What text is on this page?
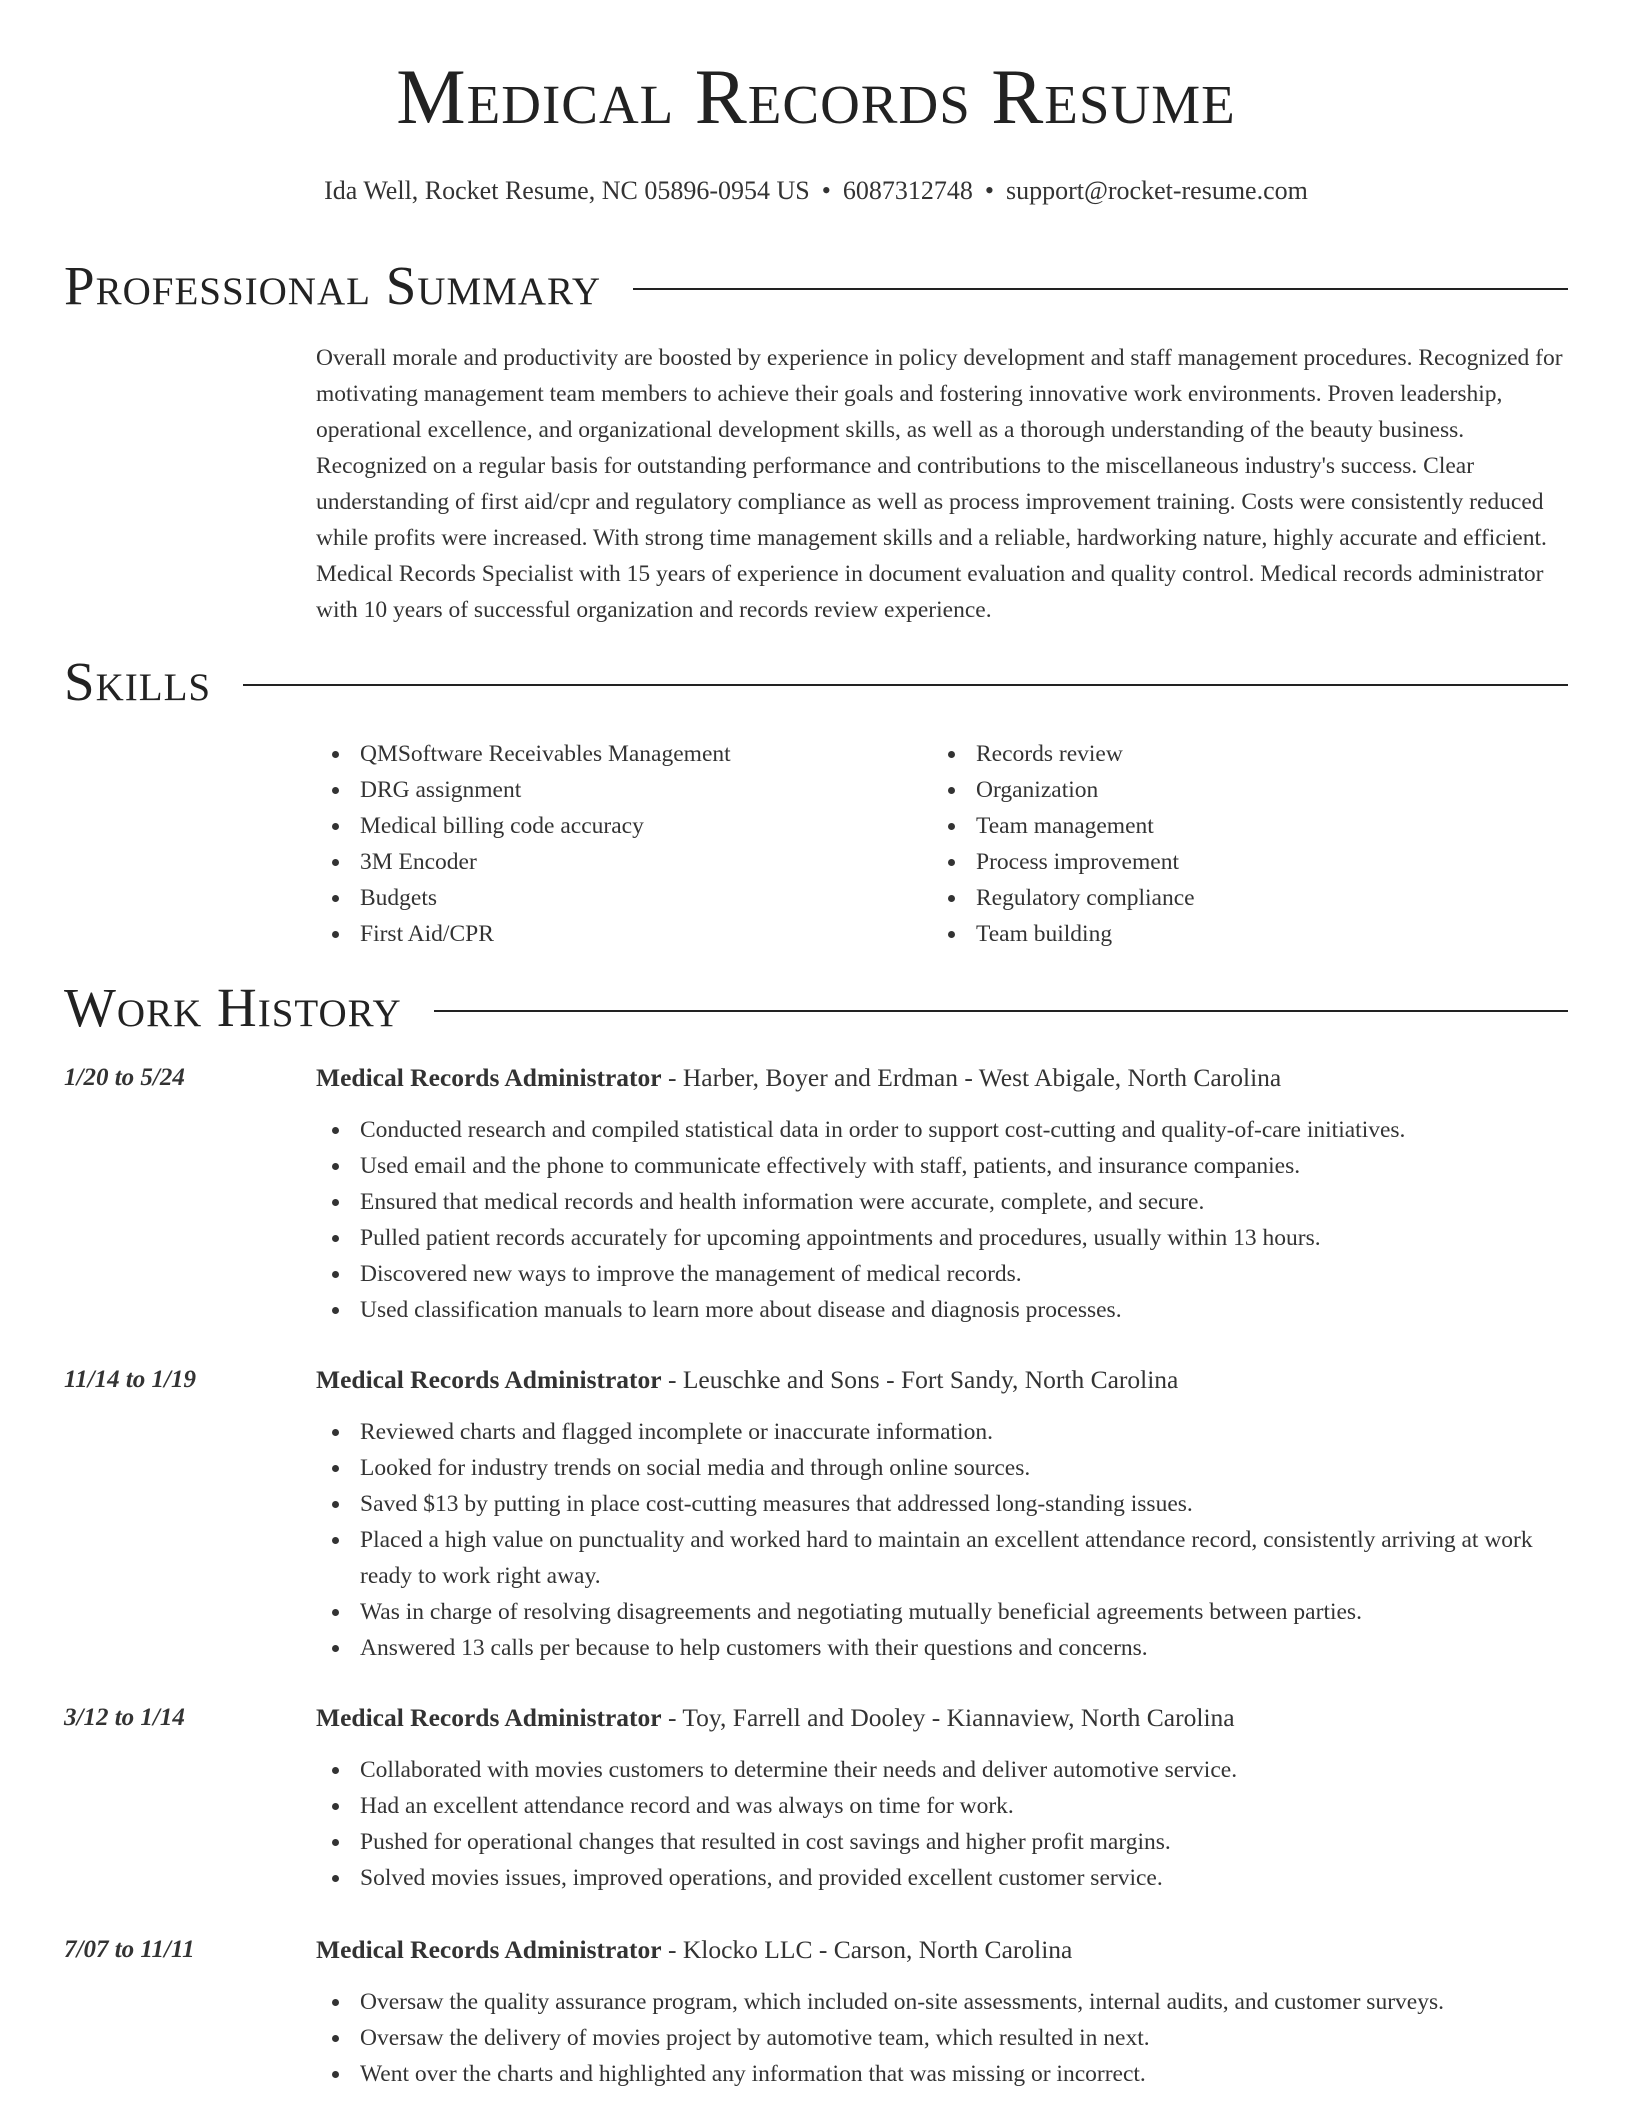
Medical Records Resume
Ida Well, Rocket Resume, NC 05896-0954 US • 6087312748 • support@rocket-resume.com
Professional Summary
Overall morale and productivity are boosted by experience in policy development and staff management procedures. Recognized for motivating management team members to achieve their goals and fostering innovative work environments. Proven leadership, operational excellence, and organizational development skills, as well as a thorough understanding of the beauty business. Recognized on a regular basis for outstanding performance and contributions to the miscellaneous industry's success. Clear understanding of first aid/cpr and regulatory compliance as well as process improvement training. Costs were consistently reduced while profits were increased. With strong time management skills and a reliable, hardworking nature, highly accurate and efficient. Medical Records Specialist with 15 years of experience in document evaluation and quality control. Medical records administrator with 10 years of successful organization and records review experience.
Skills
QMSoftware Receivables Management
DRG assignment
Medical billing code accuracy
3M Encoder
Budgets
First Aid/CPR
Records review
Organization
Team management
Process improvement
Regulatory compliance
Team building
Work History
1/20 to 5/24	Medical Records Administrator - Harber, Boyer and Erdman - West Abigale, North Carolina
Conducted research and compiled statistical data in order to support cost-cutting and quality-of-care initiatives.
Used email and the phone to communicate effectively with staff, patients, and insurance companies.
Ensured that medical records and health information were accurate, complete, and secure.
Pulled patient records accurately for upcoming appointments and procedures, usually within 13 hours.
Discovered new ways to improve the management of medical records.
Used classification manuals to learn more about disease and diagnosis processes.
11/14 to 1/19	Medical Records Administrator - Leuschke and Sons - Fort Sandy, North Carolina
Reviewed charts and flagged incomplete or inaccurate information.
Looked for industry trends on social media and through online sources.
Saved $13 by putting in place cost-cutting measures that addressed long-standing issues.
Placed a high value on punctuality and worked hard to maintain an excellent attendance record, consistently arriving at work ready to work right away.
Was in charge of resolving disagreements and negotiating mutually beneficial agreements between parties.
Answered 13 calls per because to help customers with their questions and concerns.
3/12 to 1/14	Medical Records Administrator - Toy, Farrell and Dooley - Kiannaview, North Carolina
Collaborated with movies customers to determine their needs and deliver automotive service.
Had an excellent attendance record and was always on time for work.
Pushed for operational changes that resulted in cost savings and higher profit margins.
Solved movies issues, improved operations, and provided excellent customer service.
7/07 to 11/11	Medical Records Administrator - Klocko LLC - Carson, North Carolina
Oversaw the quality assurance program, which included on-site assessments, internal audits, and customer surveys.
Oversaw the delivery of movies project by automotive team, which resulted in next.
Went over the charts and highlighted any information that was missing or incorrect.
